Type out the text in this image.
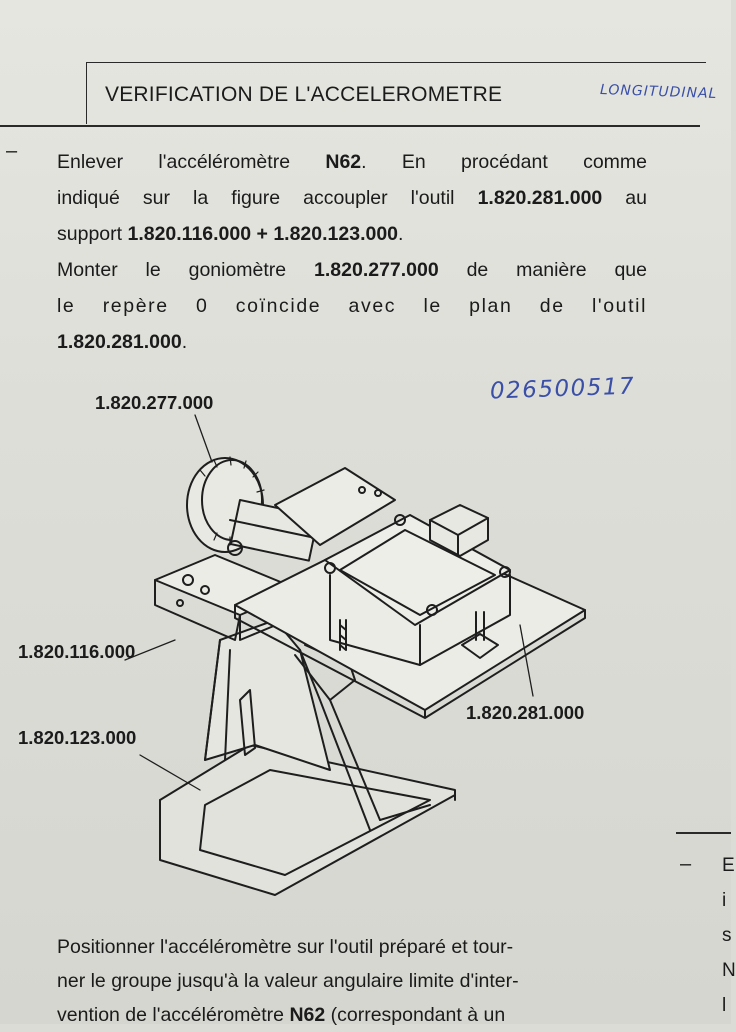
VERIFICATION DE L'ACCELEROMETRE	LONGITUDINAL
– Enlever l'accéléromètre N62. En procédant comme
indiqué sur la figure accoupler l'outil 1.820.281.000 au
support 1.820.116.000 + 1.820.123.000.
Monter le goniomètre 1.820.277.000 de manière que
le repère 0 coïncide avec le plan de l'outil
1.820.281.000.
026500517
1.820.277.000
1.820.116.000
1.820.123.000
1.820.281.000
Positionner l'accéléromètre sur l'outil préparé et tour-
ner le groupe jusqu'à la valeur angulaire limite d'inter-
vention de l'accéléromètre N62 (correspondant à un
– E
i
s
N
l
